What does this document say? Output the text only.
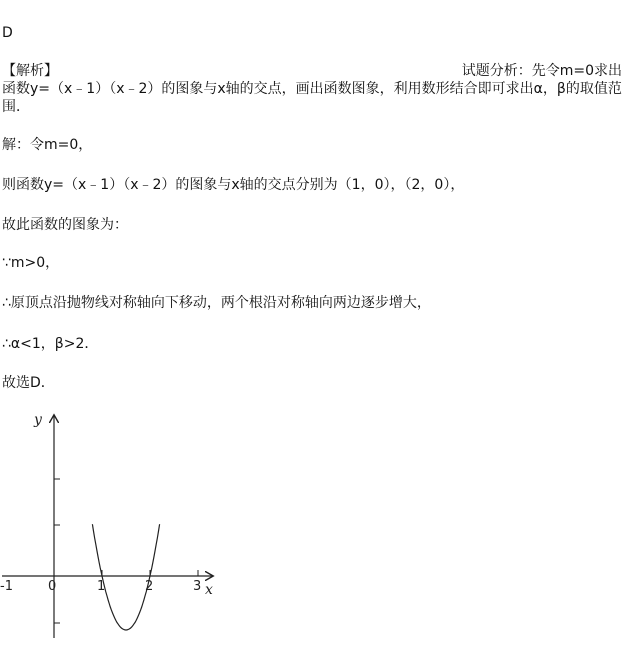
D
【解析】	试题分析：先令m=0求出
函数y=（x﹣1）（x﹣2）的图象与x轴的交点，画出函数图象，利用数形结合即可求出α，β的取值范围．
解：令m=0，
则函数y=（x﹣1）（x﹣2）的图象与x轴的交点分别为（1，0），（2，0），
故此函数的图象为：
∵m>0，
∴原顶点沿抛物线对称轴向下移动，两个根沿对称轴向两边逐步增大，
∴α<1，β>2．
故选D．
y
x
-1	0	1	2	3
